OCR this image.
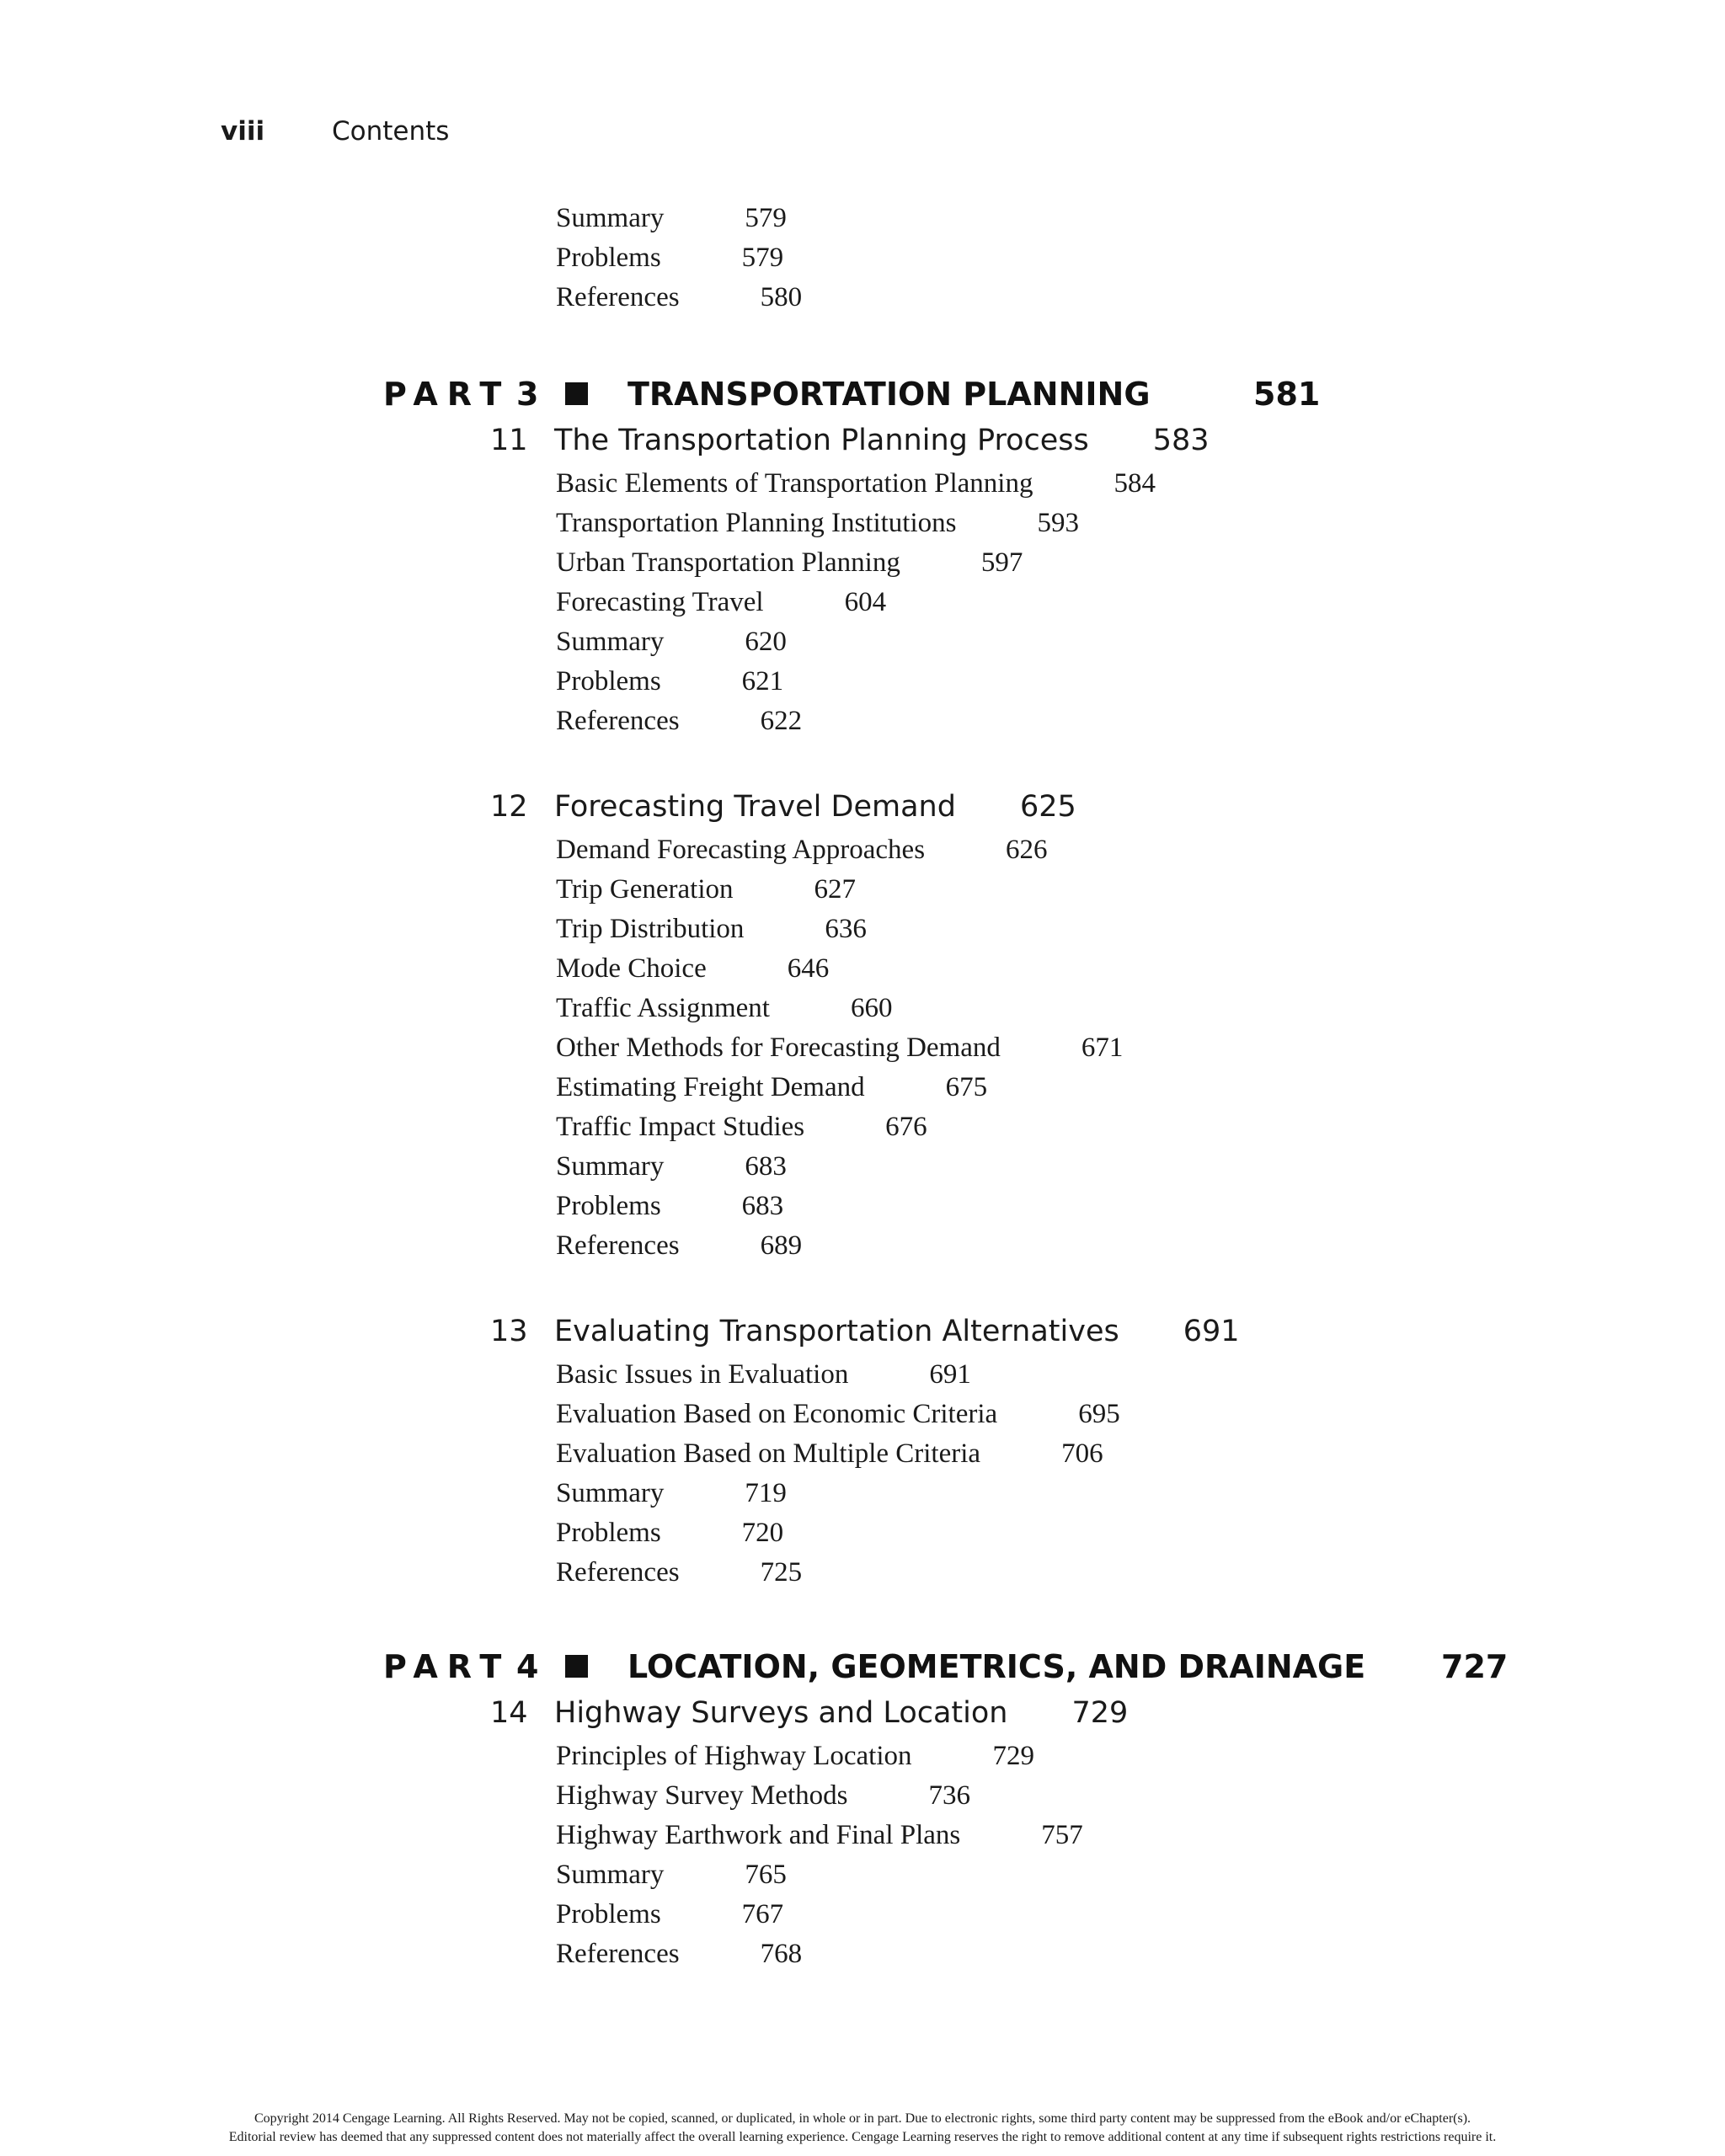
viii	Contents
Summary	579
Problems	579
References	580
PART 3	TRANSPORTATION PLANNING	581
11 The Transportation Planning Process 583
Basic Elements of Transportation Planning	584
Transportation Planning Institutions	593
Urban Transportation Planning	597
Forecasting Travel	604
Summary	620
Problems	621
References	622
12 Forecasting Travel Demand 625
Demand Forecasting Approaches	626
Trip Generation	627
Trip Distribution	636
Mode Choice	646
Traffic Assignment	660
Other Methods for Forecasting Demand	671
Estimating Freight Demand	675
Traffic Impact Studies	676
Summary	683
Problems	683
References	689
13 Evaluating Transportation Alternatives 691
Basic Issues in Evaluation	691
Evaluation Based on Economic Criteria	695
Evaluation Based on Multiple Criteria	706
Summary	719
Problems	720
References	725
PART 4	LOCATION, GEOMETRICS, AND DRAINAGE 727
14 Highway Surveys and Location 729
Principles of Highway Location	729
Highway Survey Methods	736
Highway Earthwork and Final Plans	757
Summary	765
Problems	767
References	768
Copyright 2014 Cengage Learning. All Rights Reserved. May not be copied, scanned, or duplicated, in whole or in part. Due to electronic rights, some third party content may be suppressed from the eBook and/or eChapter(s).
Editorial review has deemed that any suppressed content does not materially affect the overall learning experience. Cengage Learning reserves the right to remove additional content at any time if subsequent rights restrictions require it.
